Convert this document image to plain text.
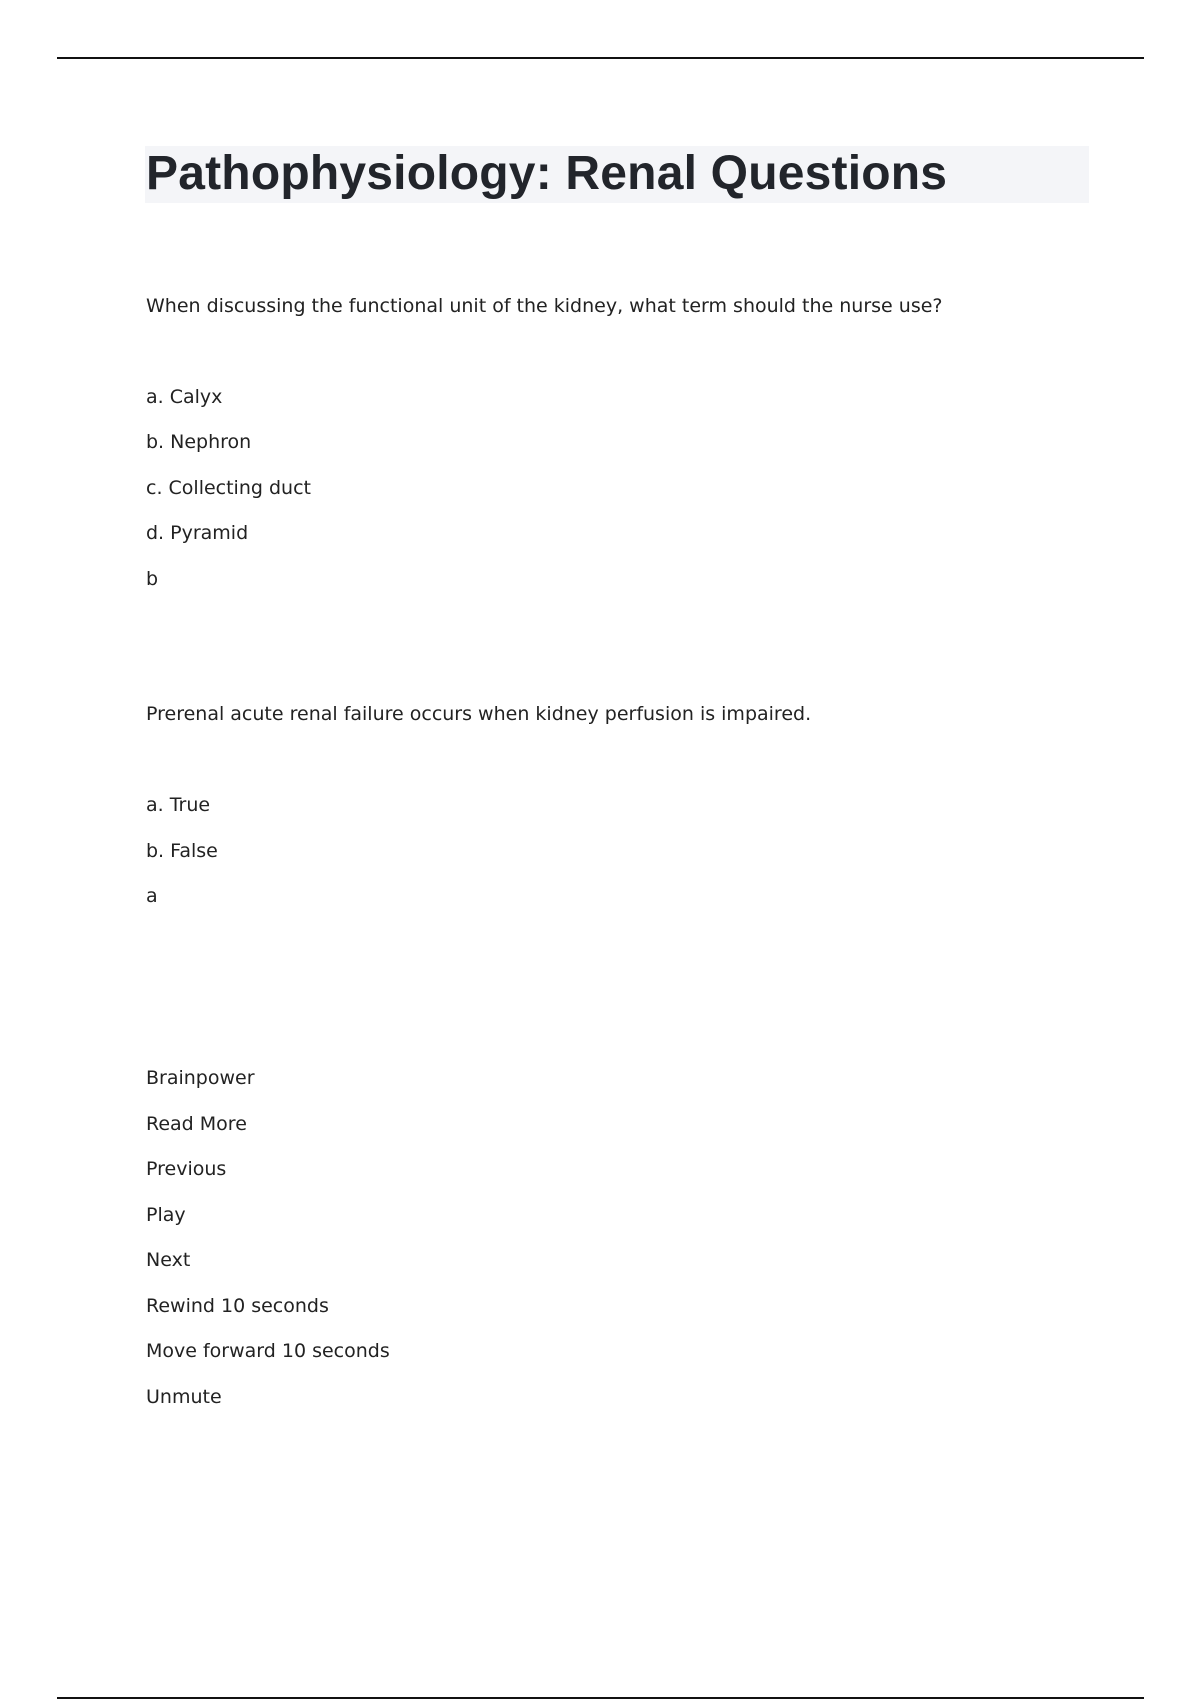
Pathophysiology: Renal Questions

When discussing the functional unit of the kidney, what term should the nurse use?

a. Calyx

b. Nephron

c. Collecting duct

d. Pyramid

b

Prerenal acute renal failure occurs when kidney perfusion is impaired.

a. True

b. False

a

Brainpower

Read More

Previous

Play

Next

Rewind 10 seconds

Move forward 10 seconds

Unmute
